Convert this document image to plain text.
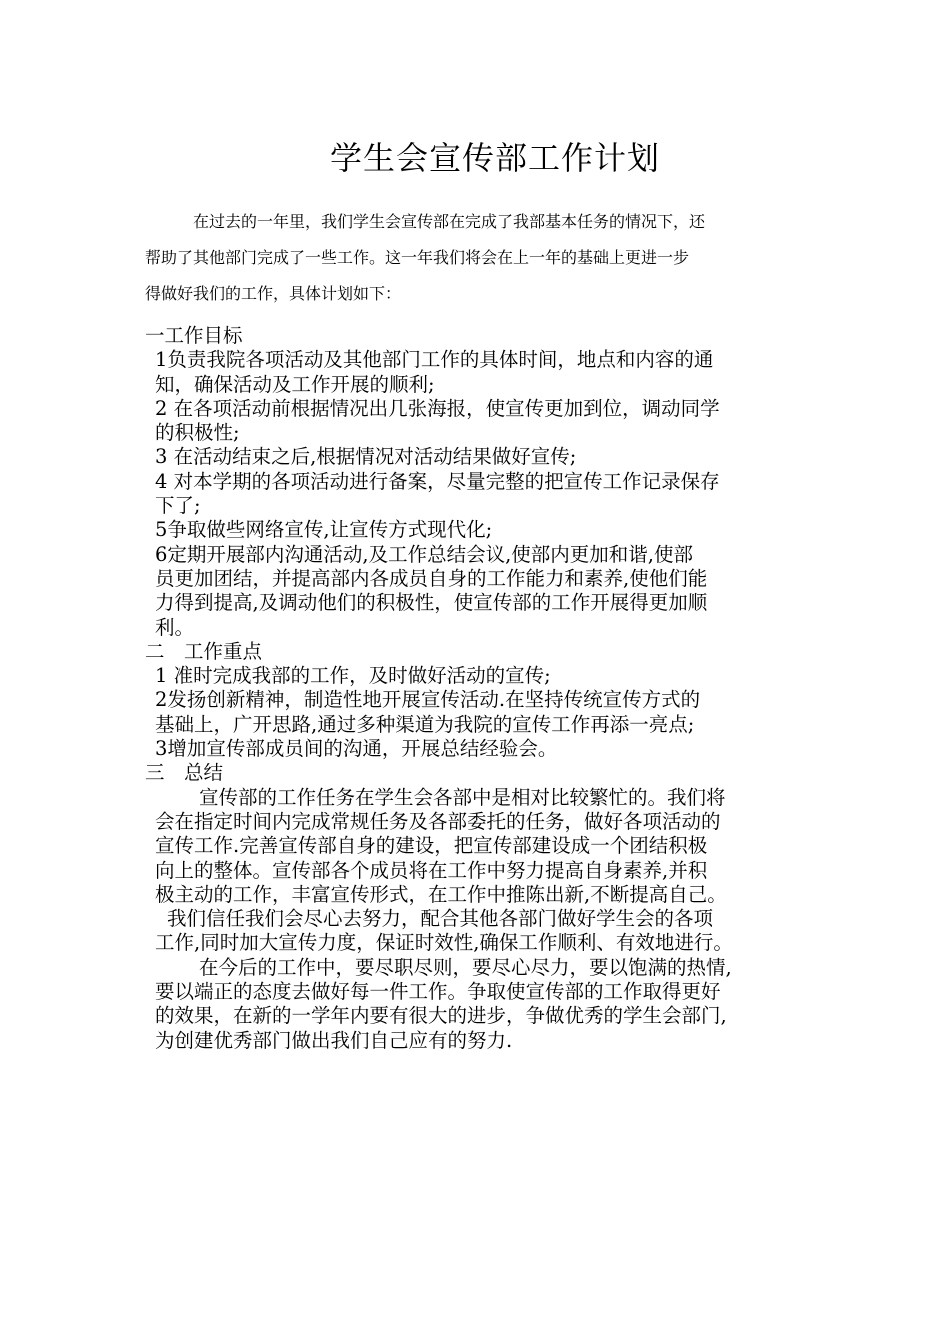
学生会宣传部工作计划
在过去的一年里，我们学生会宣传部在完成了我部基本任务的情况下，还
帮助了其他部门完成了一些工作。这一年我们将会在上一年的基础上更进一步
得做好我们的工作，具体计划如下：
一工作目标
1负责我院各项活动及其他部门工作的具体时间，地点和内容的通
知，确保活动及工作开展的顺利;
2 在各项活动前根据情况出几张海报，使宣传更加到位，调动同学
的积极性;
3 在活动结束之后,根据情况对活动结果做好宣传;
4 对本学期的各项活动进行备案，尽量完整的把宣传工作记录保存
下了;
5争取做些网络宣传,让宣传方式现代化;
6定期开展部内沟通活动,及工作总结会议,使部内更加和谐,使部
员更加团结，并提高部内各成员自身的工作能力和素养,使他们能
力得到提高,及调动他们的积极性，使宣传部的工作开展得更加顺
利。
二　工作重点
1 准时完成我部的工作，及时做好活动的宣传;
2发扬创新精神，制造性地开展宣传活动.在坚持传统宣传方式的
基础上，广开思路,通过多种渠道为我院的宣传工作再添一亮点;
3增加宣传部成员间的沟通，开展总结经验会。
三　总结
宣传部的工作任务在学生会各部中是相对比较繁忙的。我们将
会在指定时间内完成常规任务及各部委托的任务，做好各项活动的
宣传工作.完善宣传部自身的建设，把宣传部建设成一个团结积极
向上的整体。宣传部各个成员将在工作中努力提高自身素养,并积
极主动的工作，丰富宣传形式，在工作中推陈出新,不断提高自己。
我们信任我们会尽心去努力，配合其他各部门做好学生会的各项
工作,同时加大宣传力度，保证时效性,确保工作顺利、有效地进行。
在今后的工作中，要尽职尽则，要尽心尽力，要以饱满的热情,
要以端正的态度去做好每一件工作。争取使宣传部的工作取得更好
的效果，在新的一学年内要有很大的进步，争做优秀的学生会部门,
为创建优秀部门做出我们自己应有的努力.
